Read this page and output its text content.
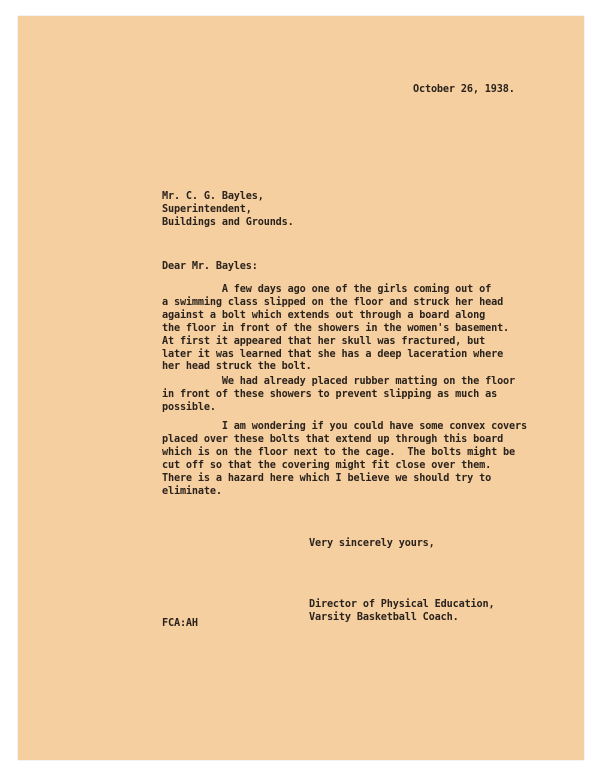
October 26, 1938.
Mr. C. G. Bayles,
Superintendent,
Buildings and Grounds.
Dear Mr. Bayles:
A few days ago one of the girls coming out of
a swimming class slipped on the floor and struck her head
against a bolt which extends out through a board along
the floor in front of the showers in the women's basement.
At first it appeared that her skull was fractured, but
later it was learned that she has a deep laceration where
her head struck the bolt.
We had already placed rubber matting on the floor
in front of these showers to prevent slipping as much as
possible.
I am wondering if you could have some convex covers
placed over these bolts that extend up through this board
which is on the floor next to the cage.  The bolts might be
cut off so that the covering might fit close over them.
There is a hazard here which I believe we should try to
eliminate.
Very sincerely yours,
Director of Physical Education,
Varsity Basketball Coach.
FCA:AH
